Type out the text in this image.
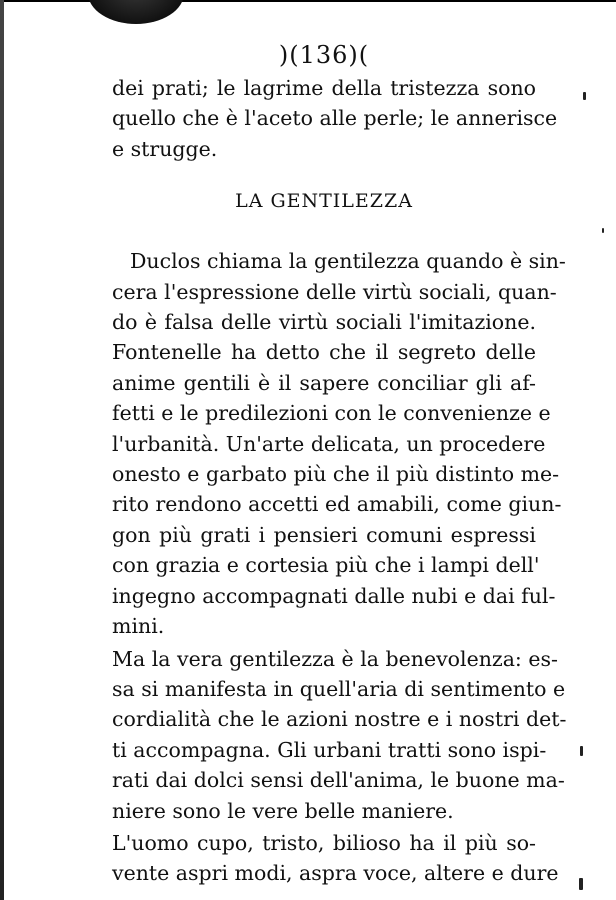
)(136)(
dei prati; le lagrime della tristezza sono
quello che è l'aceto alle perle; le annerisce
e strugge.
LA GENTILEZZA
Duclos chiama la gentilezza quando è sin-
cera l'espressione delle virtù sociali, quan-
do è falsa delle virtù sociali l'imitazione.
Fontenelle ha detto che il segreto delle
anime gentili è il sapere conciliar gli af-
fetti e le predilezioni con le convenienze e
l'urbanità. Un'arte delicata, un procedere
onesto e garbato più che il più distinto me-
rito rendono accetti ed amabili, come giun-
gon più grati i pensieri comuni espressi
con grazia e cortesia più che i lampi dell'
ingegno accompagnati dalle nubi e dai ful-
mini.
Ma la vera gentilezza è la benevolenza: es-
sa si manifesta in quell'aria di sentimento e
cordialità che le azioni nostre e i nostri det-
ti accompagna. Gli urbani tratti sono ispi-
rati dai dolci sensi dell'anima, le buone ma-
niere sono le vere belle maniere.
L'uomo cupo, tristo, bilioso ha il più so-
vente aspri modi, aspra voce, altere e dure
